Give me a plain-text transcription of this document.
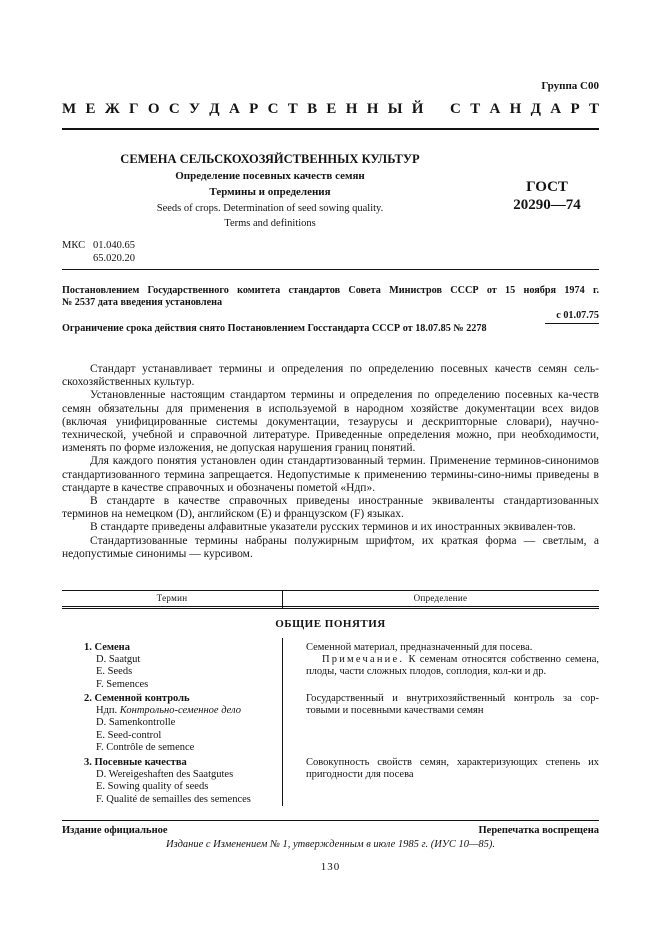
Группа С00
М Е Ж Г О С У Д А Р С Т В Е Н Н Ы Й С Т А Н Д А Р Т
СЕМЕНА СЕЛЬСКОХОЗЯЙСТВЕННЫХ КУЛЬТУР
Определение посевных качеств семян
Термины и определения
Seeds of crops. Determination of seed sowing quality.
Terms and definitions
ГОСТ
20290—74
МКС 01.040.65
65.020.20
Постановлением Государственного комитета стандартов Совета Министров СССР от 15 ноября 1974 г.
№ 2537 дата введения установлена
с 01.07.75
Ограничение срока действия снято Постановлением Госстандарта СССР от 18.07.85 № 2278

Стандарт устанавливает термины и определения по определению посевных качеств семян сель-скохозяйственных культур.

Установленные настоящим стандартом термины и определения по определению посевных ка-честв семян обязательны для применения в используемой в народном хозяйстве документации всех видов (включая унифицированные системы документации, тезаурусы и дескрипторные словари), научно-технической, учебной и справочной литературе. Приведенные определения можно, при необходимости, изменять по форме изложения, не допуская нарушения границ понятий.

Для каждого понятия установлен один стандартизованный термин. Применение терминов-синонимов стандартизованного термина запрещается. Недопустимые к применению термины-сино-нимы приведены в стандарте в качестве справочных и обозначены пометой «Ндп».

В стандарте в качестве справочных приведены иностранные эквиваленты стандартизованных терминов на немецком (D), английском (E) и французском (F) языках.

В стандарте приведены алфавитные указатели русских терминов и их иностранных эквивален-тов.

Стандартизованные термины набраны полужирным шрифтом, их краткая форма — светлым, а недопустимые синонимы — курсивом.

Термин	Определение
ОБЩИЕ ПОНЯТИЯ
1. Семена
D. Saatgut
E. Seeds
F. Semences
Семенной материал, предназначенный для посева.
Примечание. К семенам относятся собственно семена, плоды, части сложных плодов, соплодия, кол-ки и др.
2. Семенной контроль
Ндп. Контрольно-семенное дело
D. Samenkontrolle
E. Seed-control
F. Contrôle de semence
Государственный и внутрихозяйственный контроль за сор-товыми и посевными качествами семян
3. Посевные качества
D. Wereigeshaften des Saatgutes
E. Sowing quality of seeds
F. Qualité de semailles des semences
Совокупность свойств семян, характеризующих степень их пригодности для посева
Издание официальное	Перепечатка воспрещена
Издание с Изменением № 1, утвержденным в июле 1985 г. (ИУС 10—85).
130
